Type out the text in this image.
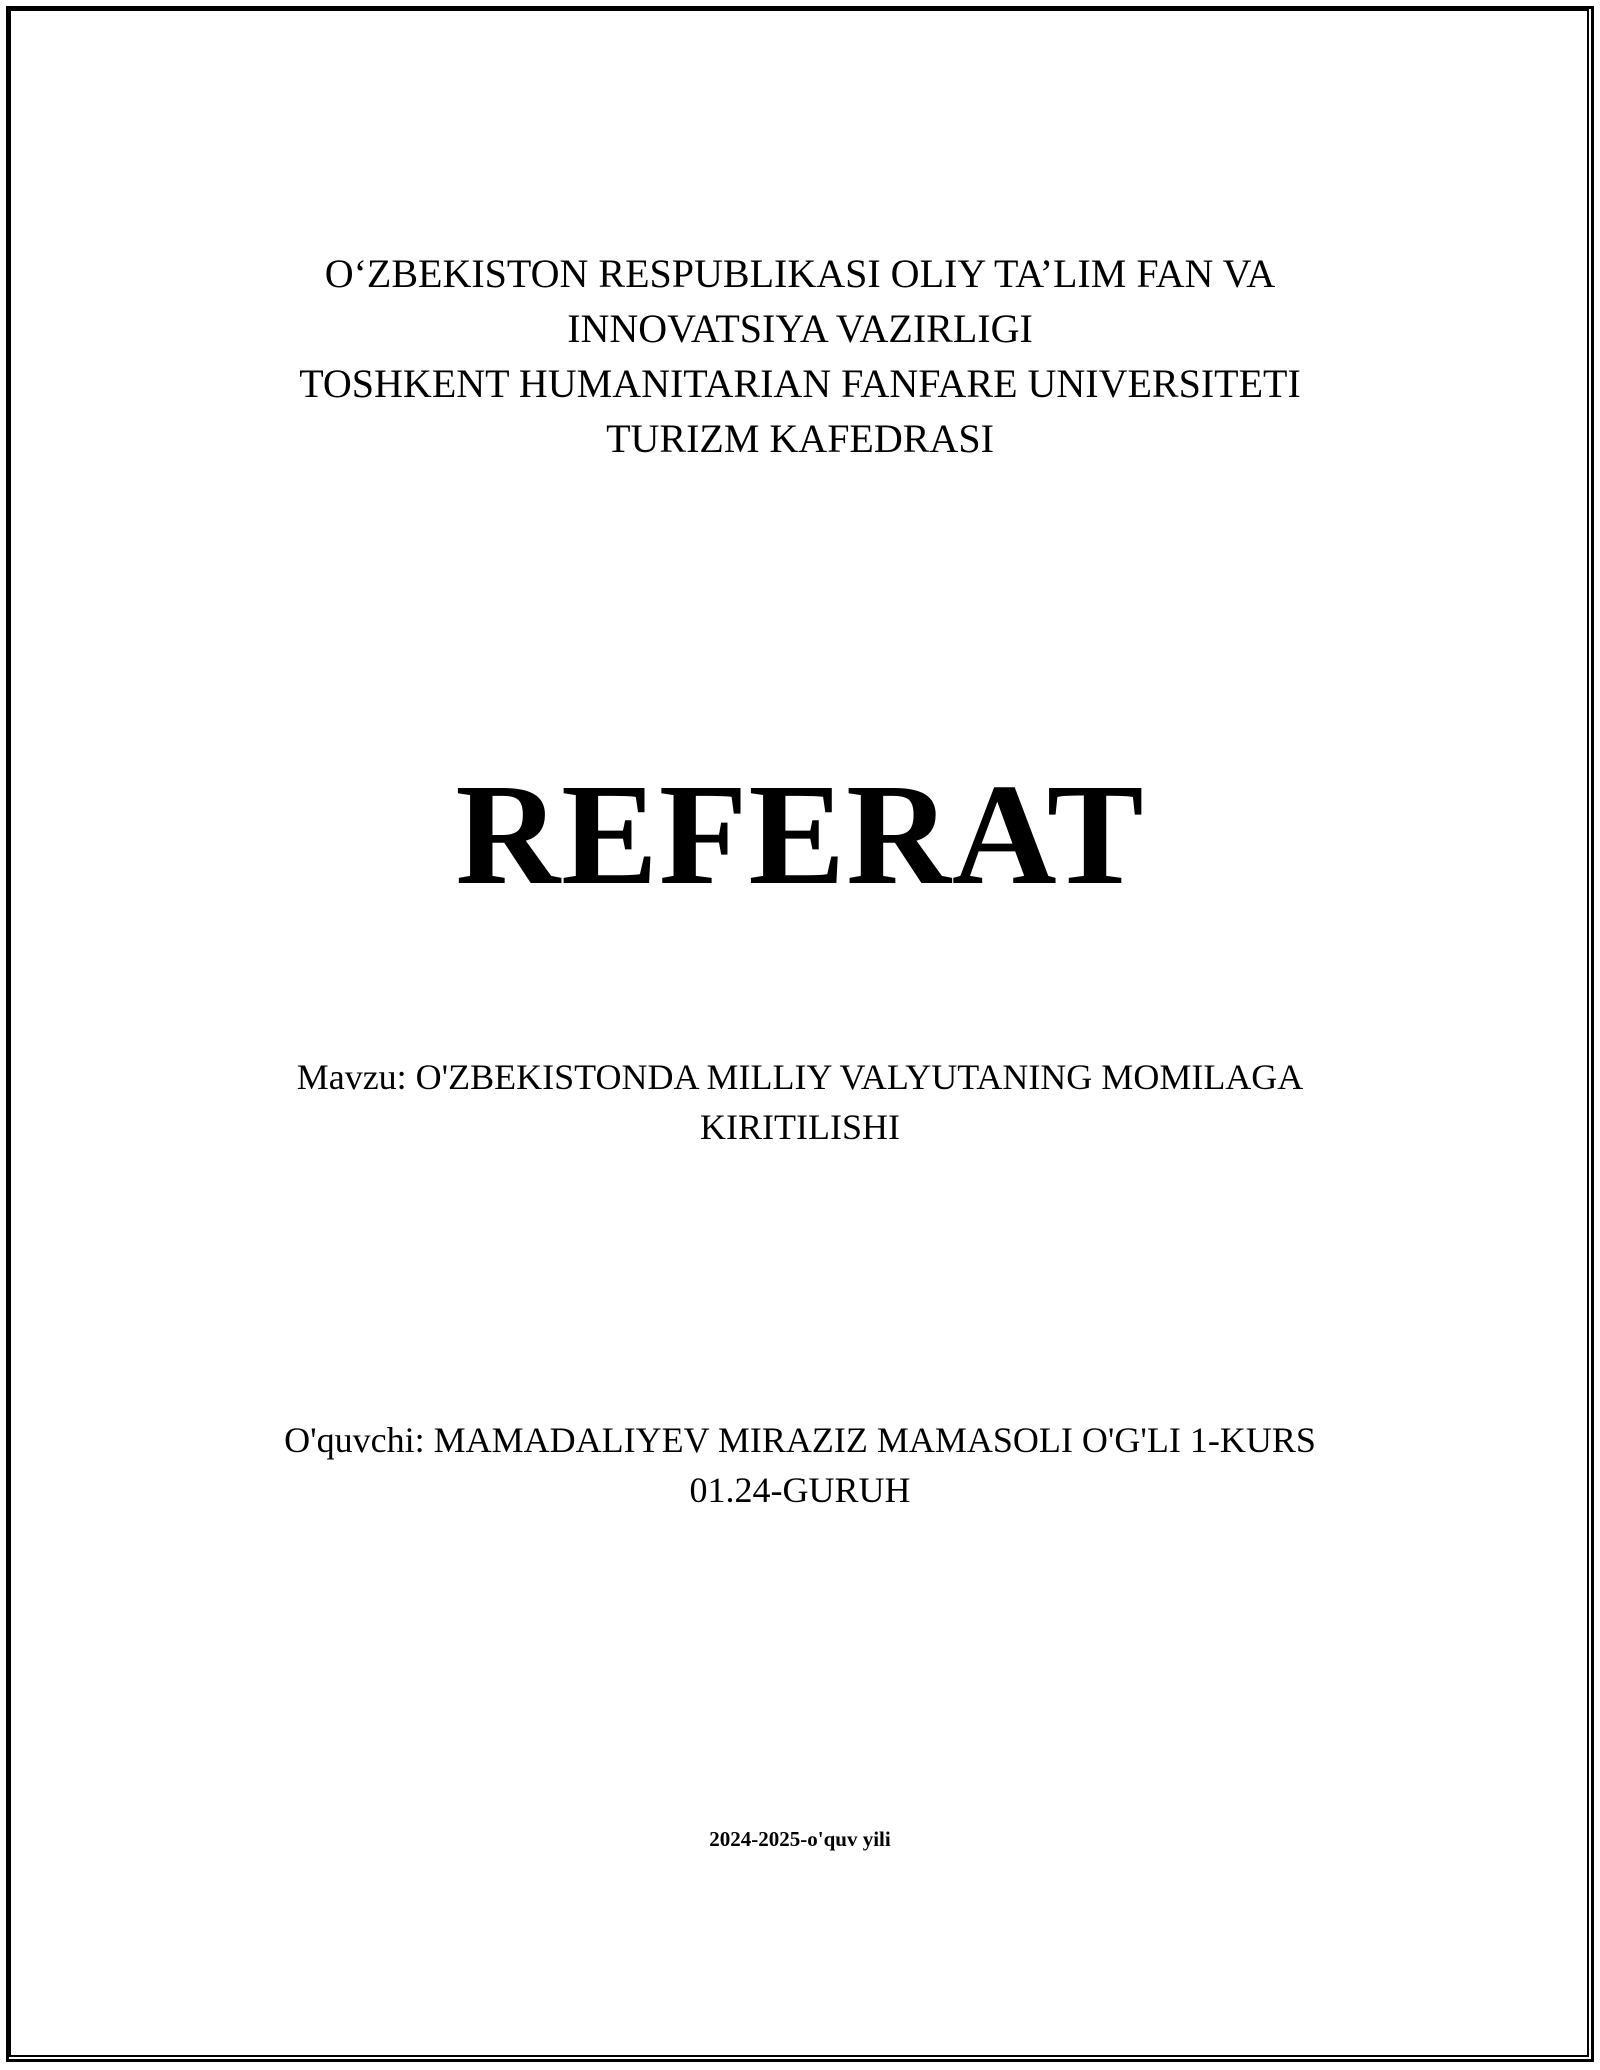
O‘ZBEKISTON RESPUBLIKASI OLIY TA’LIM FAN VA
INNOVATSIYA VAZIRLIGI
TOSHKENT HUMANITARIAN FANFARE UNIVERSITETI
TURIZM KAFEDRASI
REFERAT
Mavzu: O'ZBEKISTONDA MILLIY VALYUTANING MOMILAGA
KIRITILISHI
O'quvchi: MAMADALIYEV MIRAZIZ MAMASOLI O'G'LI 1-KURS
01.24-GURUH
2024-2025-o'quv yili
